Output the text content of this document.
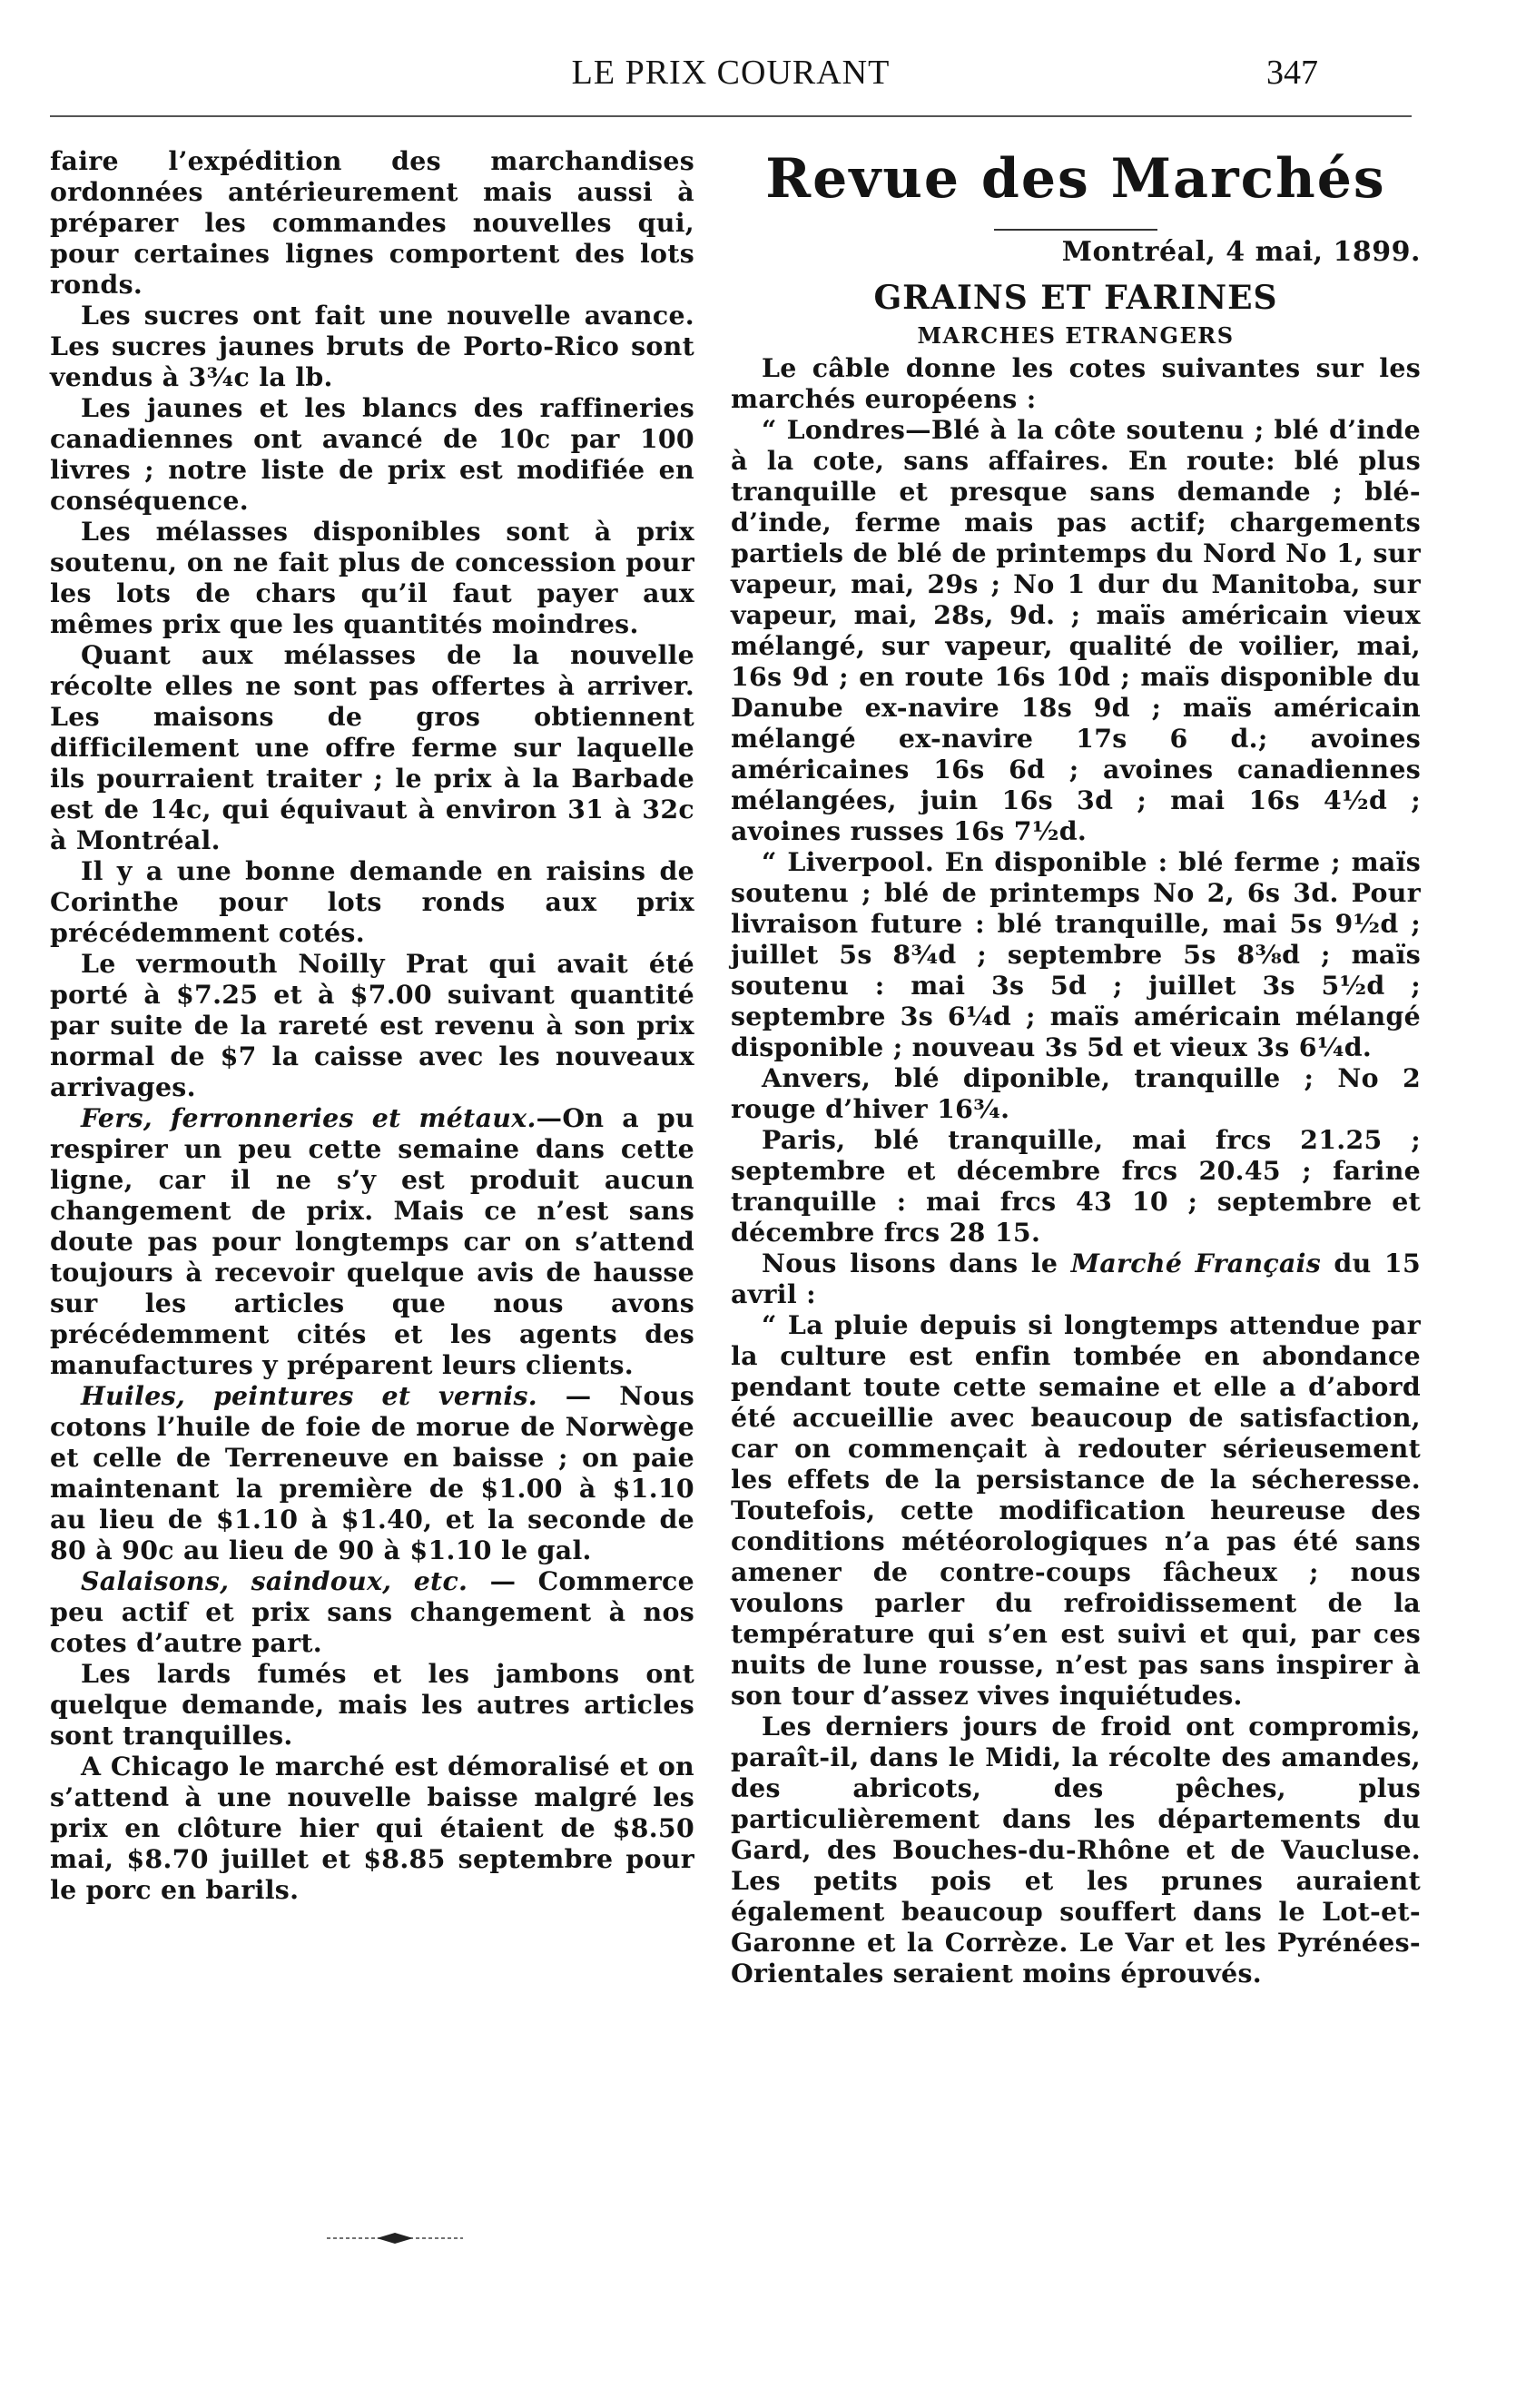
LE PRIX COURANT	347

faire l’expédition des marchandises ordonnées antérieurement mais aussi à préparer les commandes nouvelles qui, pour certaines lignes comportent des lots ronds.

Les sucres ont fait une nouvelle avance. Les sucres jaunes bruts de Porto-Rico sont vendus à 3¾c la lb.

Les jaunes et les blancs des raffineries canadiennes ont avancé de 10c par 100 livres ; notre liste de prix est modifiée en conséquence.

Les mélasses disponibles sont à prix soutenu, on ne fait plus de concession pour les lots de chars qu’il faut payer aux mêmes prix que les quantités moindres.

Quant aux mélasses de la nouvelle récolte elles ne sont pas offertes à arriver. Les maisons de gros obtiennent difficilement une offre ferme sur laquelle ils pourraient traiter ; le prix à la Barbade est de 14c, qui équivaut à environ 31 à 32c à Montréal.

Il y a une bonne demande en raisins de Corinthe pour lots ronds aux prix précédemment cotés.

Le vermouth Noilly Prat qui avait été porté à $7.25 et à $7.00 suivant quantité par suite de la rareté est revenu à son prix normal de $7 la caisse avec les nouveaux arrivages.

Fers, ferronneries et métaux.—On a pu respirer un peu cette semaine dans cette ligne, car il ne s’y est produit aucun changement de prix. Mais ce n’est sans doute pas pour longtemps car on s’attend toujours à recevoir quelque avis de hausse sur les articles que nous avons précédemment cités et les agents des manufactures y préparent leurs clients.

Huiles, peintures et vernis. — Nous cotons l’huile de foie de morue de Norwège et celle de Terreneuve en baisse ; on paie maintenant la première de $1.00 à $1.10 au lieu de $1.10 à $1.40, et la seconde de 80 à 90c au lieu de 90 à $1.10 le gal.

Salaisons, saindoux, etc. — Commerce peu actif et prix sans changement à nos cotes d’autre part.

Les lards fumés et les jambons ont quelque demande, mais les autres articles sont tranquilles.

A Chicago le marché est démoralisé et on s’attend à une nouvelle baisse malgré les prix en clôture hier qui étaient de $8.50 mai, $8.70 juillet et $8.85 septembre pour le porc en barils.

Revue des Marchés
Montréal, 4 mai, 1899.
GRAINS ET FARINES
MARCHES ETRANGERS

Le câble donne les cotes suivantes sur les marchés européens :

“ Londres—Blé à la côte soutenu ; blé d’inde à la cote, sans affaires. En route: blé plus tranquille et presque sans demande ; blé-d’inde, ferme mais pas actif; chargements partiels de blé de printemps du Nord No 1, sur vapeur, mai, 29s ; No 1 dur du Manitoba, sur vapeur, mai, 28s, 9d. ; maïs américain vieux mélangé, sur vapeur, qualité de voilier, mai, 16s 9d ; en route 16s 10d ; maïs disponible du Danube ex-navire 18s 9d ; maïs américain mélangé ex-navire 17s 6 d.; avoines américaines 16s 6d ; avoines canadiennes mélangées, juin 16s 3d ; mai 16s 4½d ; avoines russes 16s 7½d.

“ Liverpool. En disponible : blé ferme ; maïs soutenu ; blé de printemps No 2, 6s 3d. Pour livraison future : blé tranquille, mai 5s 9½d ; juillet 5s 8¾d ; septembre 5s 8⅜d ; maïs soutenu : mai 3s 5d ; juillet 3s 5½d ; septembre 3s 6¼d ; maïs américain mélangé disponible ; nouveau 3s 5d et vieux 3s 6¼d.

Anvers, blé diponible, tranquille ; No 2 rouge d’hiver 16¾.

Paris, blé tranquille, mai frcs 21.25 ; septembre et décembre frcs 20.45 ; farine tranquille : mai frcs 43 10 ; septembre et décembre frcs 28 15.

Nous lisons dans le Marché Français du 15 avril :

“ La pluie depuis si longtemps attendue par la culture est enfin tombée en abondance pendant toute cette semaine et elle a d’abord été accueillie avec beaucoup de satisfaction, car on commençait à redouter sérieusement les effets de la persistance de la sécheresse. Toutefois, cette modification heureuse des conditions météorologiques n’a pas été sans amener de contre-coups fâcheux ; nous voulons parler du refroidissement de la température qui s’en est suivi et qui, par ces nuits de lune rousse, n’est pas sans inspirer à son tour d’assez vives inquiétudes.

Les derniers jours de froid ont compromis, paraît-il, dans le Midi, la récolte des amandes, des abricots, des pêches, plus particulièrement dans les départements du Gard, des Bouches-du-Rhône et de Vaucluse. Les petits pois et les prunes auraient également beaucoup souffert dans le Lot-et-Garonne et la Corrèze. Le Var et les Pyrénées-Orientales seraient moins éprouvés.
